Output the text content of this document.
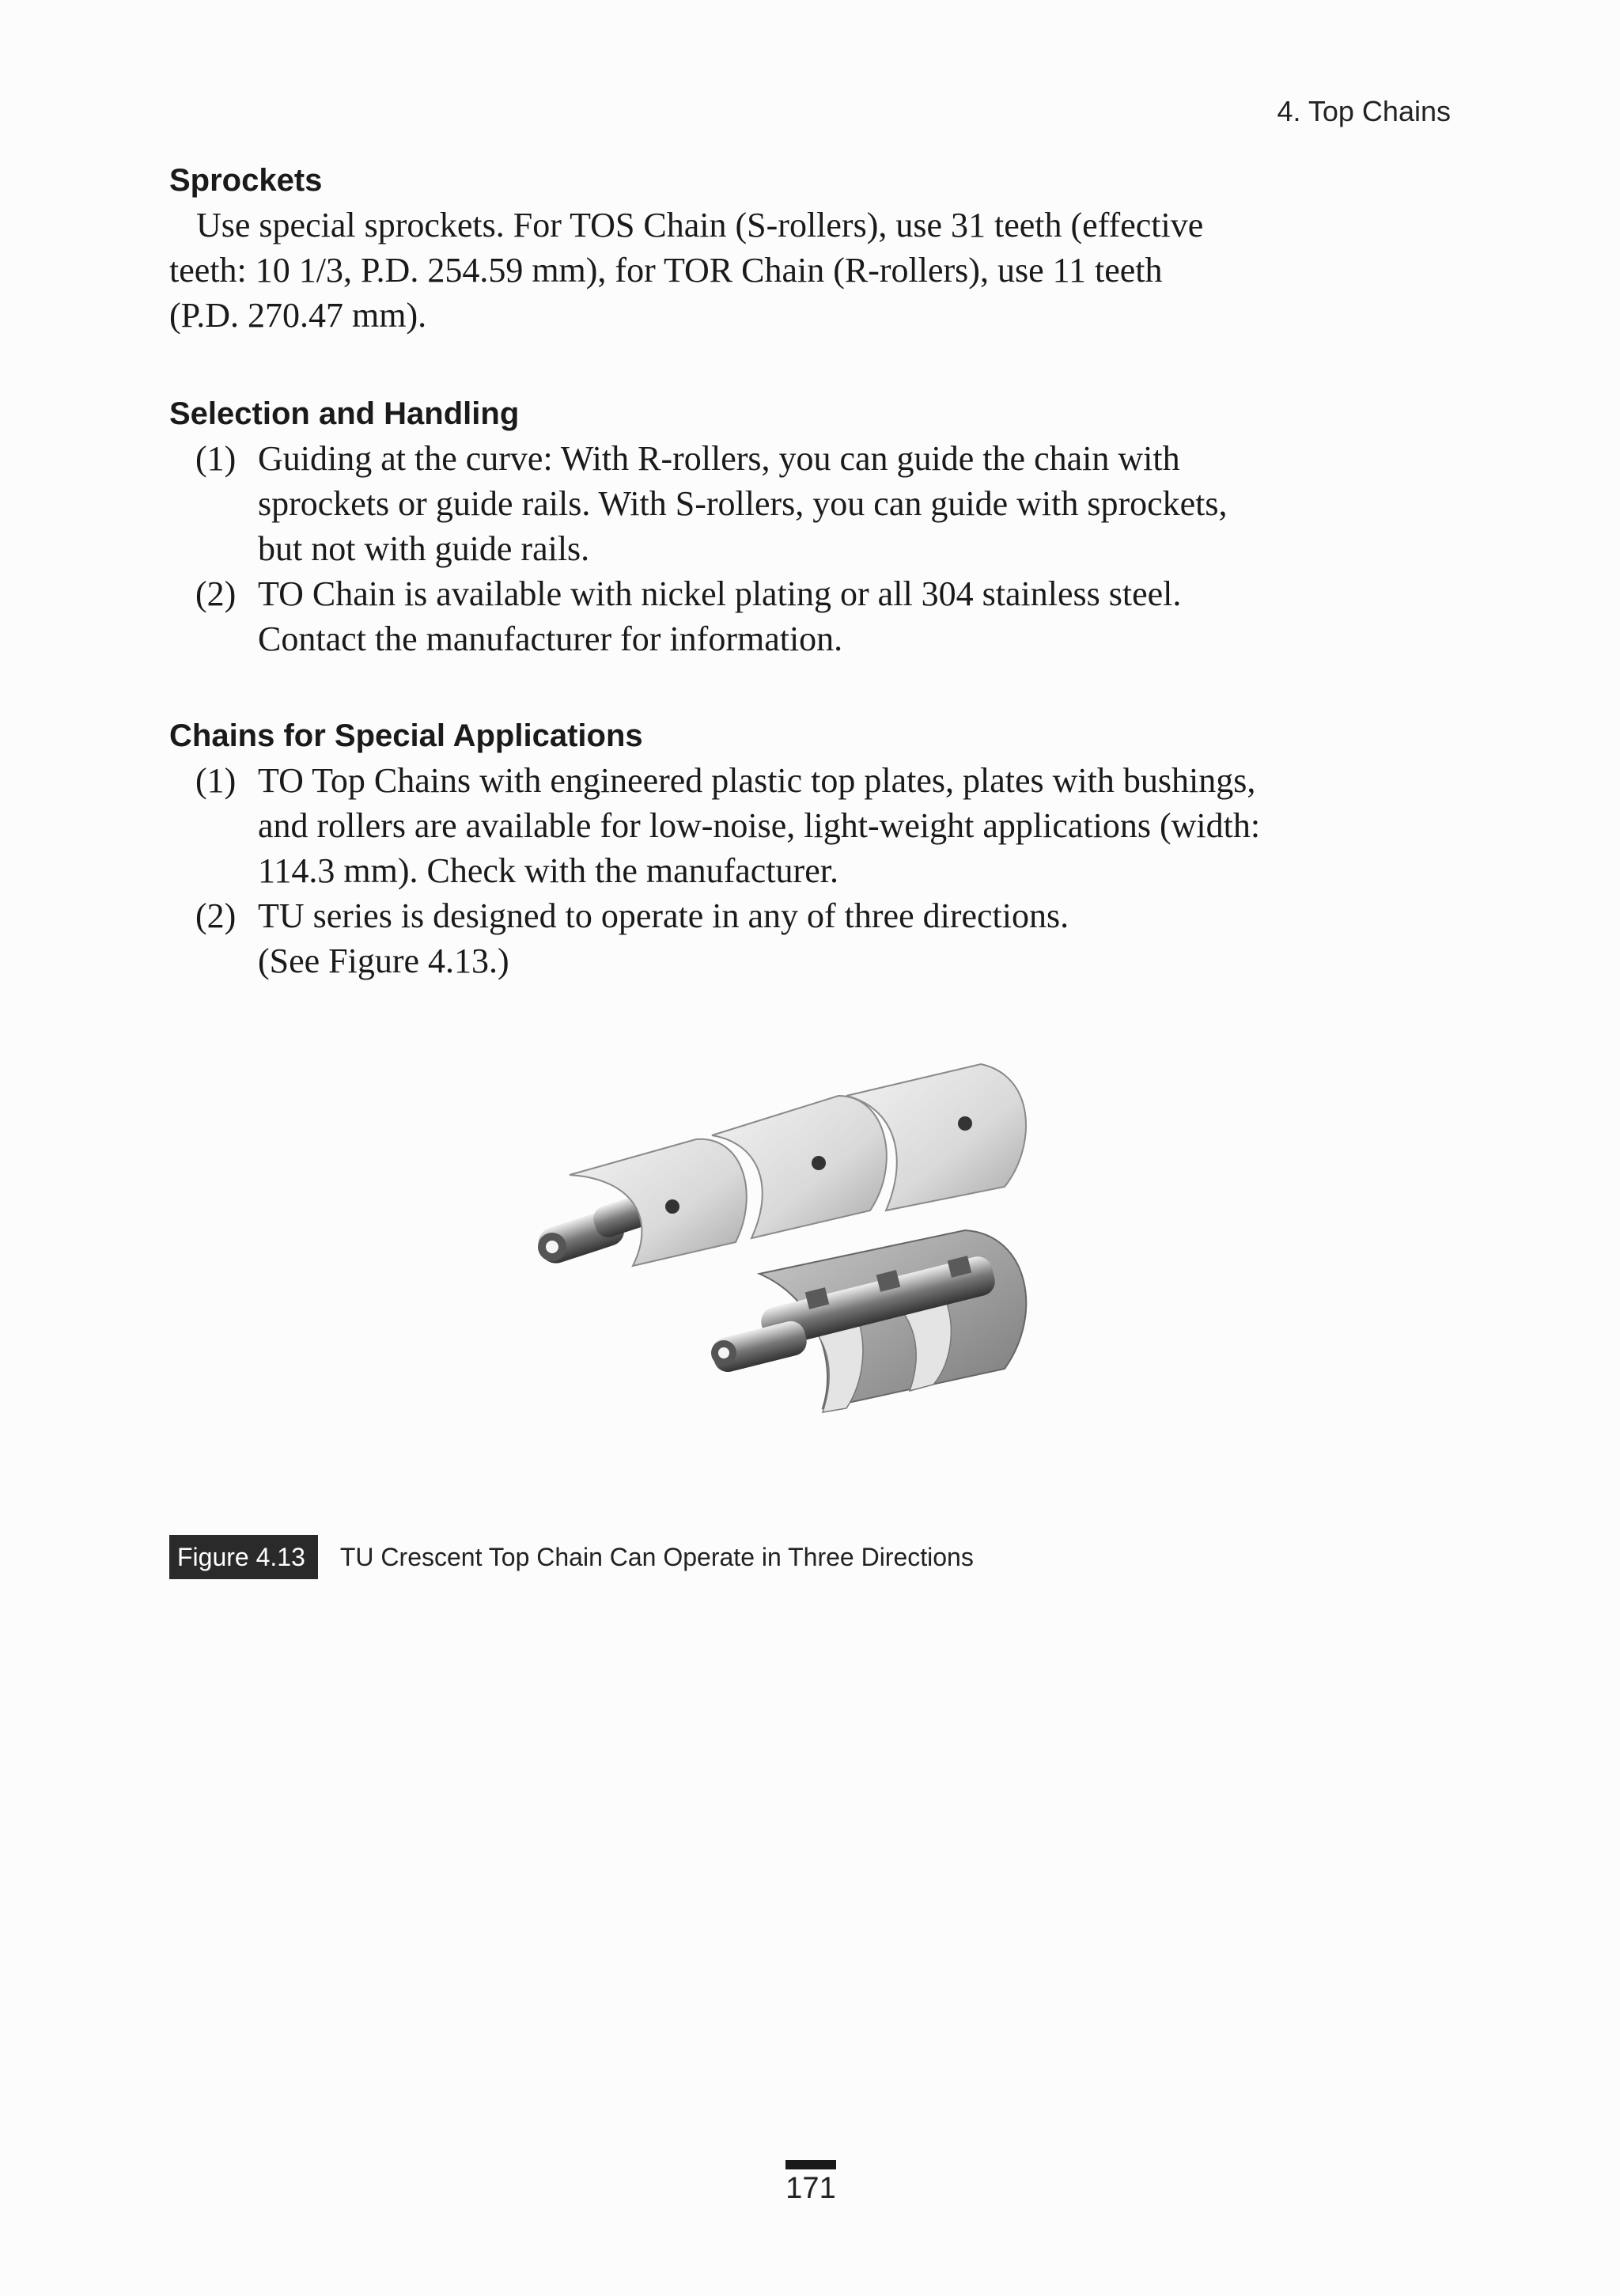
4. Top Chains
Sprockets

Use special sprockets. For TOS Chain (S-rollers), use 31 teeth (effective
teeth: 10 1/3, P.D. 254.59 mm), for TOR Chain (R-rollers), use 11 teeth
(P.D. 270.47 mm).

Selection and Handling
(1) Guiding at the curve: With R-rollers, you can guide the chain with
sprockets or guide rails. With S-rollers, you can guide with sprockets,
but not with guide rails.
(2) TO Chain is available with nickel plating or all 304 stainless steel.
Contact the manufacturer for information.
Chains for Special Applications
(1) TO Top Chains with engineered plastic top plates, plates with bushings,
and rollers are available for low-noise, light-weight applications (width:
114.3 mm). Check with the manufacturer.
(2) TU series is designed to operate in any of three directions.
(See Figure 4.13.)
Figure 4.13	TU Crescent Top Chain Can Operate in Three Directions
171
